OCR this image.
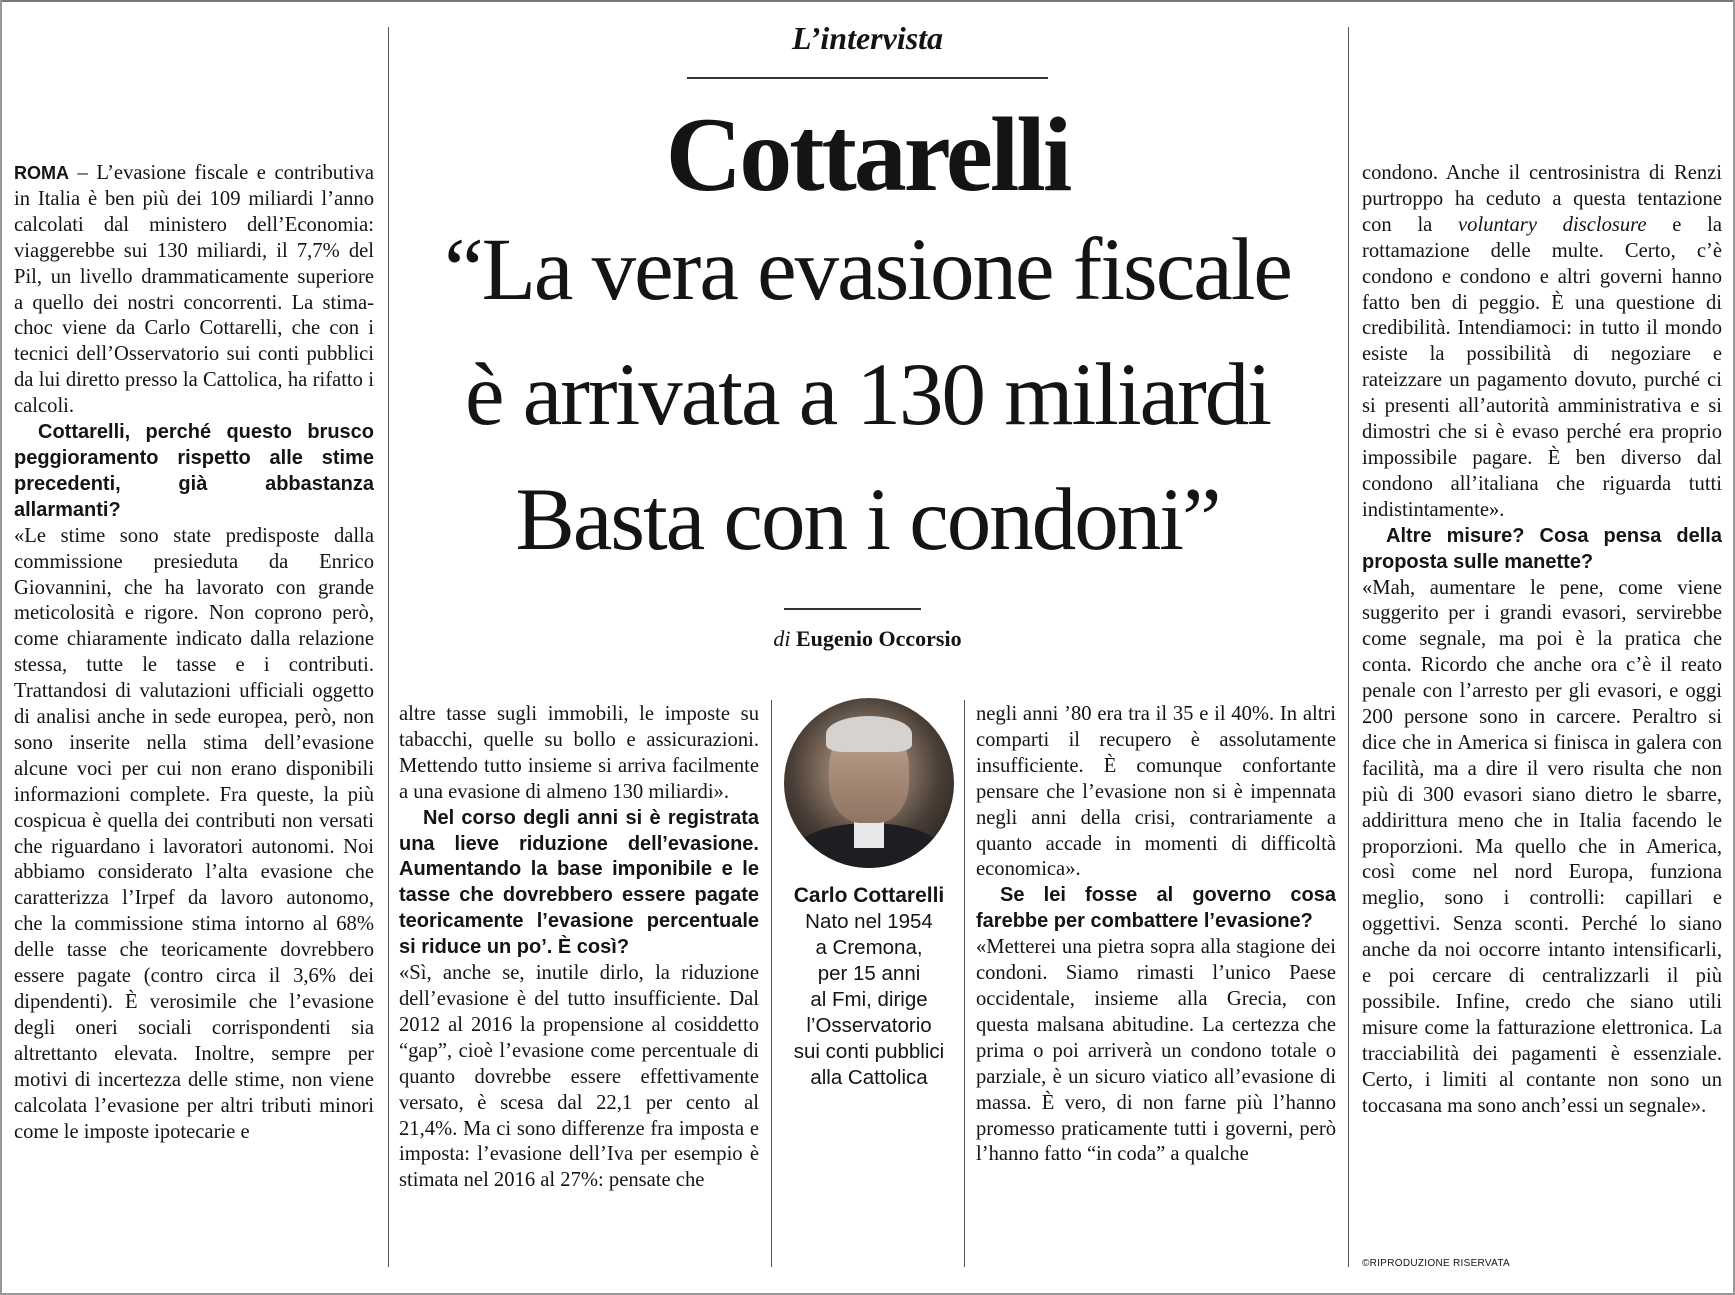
L’intervista
Cottarelli
“La vera evasione fiscale
è arrivata a 130 miliardi
Basta con i condoni”
di Eugenio Occorsio

ROMA – L’evasione fiscale e contributiva in Italia è ben più dei 109 miliardi l’anno calcolati dal ministero dell’Economia: viaggerebbe sui 130 miliardi, il 7,7% del Pil, un livello drammaticamente superiore a quello dei nostri concorrenti. La stima-choc viene da Carlo Cottarelli, che con i tecnici dell’Osservatorio sui conti pubblici da lui diretto presso la Cattolica, ha rifatto i calcoli.

Cottarelli, perché questo brusco peggioramento rispetto alle stime precedenti, già abbastanza allarmanti?

«Le stime sono state predisposte dalla commissione presieduta da Enrico Giovannini, che ha lavorato con grande meticolosità e rigore. Non coprono però, come chiaramente indicato dalla relazione stessa, tutte le tasse e i contributi. Trattandosi di valutazioni ufficiali oggetto di analisi anche in sede europea, però, non sono inserite nella stima dell’evasione alcune voci per cui non erano disponibili informazioni complete. Fra queste, la più cospicua è quella dei contributi non versati che riguardano i lavoratori autonomi. Noi abbiamo considerato l’alta evasione che caratterizza l’Irpef da lavoro autonomo, che la commissione stima intorno al 68% delle tasse che teoricamente dovrebbero essere pagate (contro circa il 3,6% dei dipendenti). È verosimile che l’evasione degli oneri sociali corrispondenti sia altrettanto elevata. Inoltre, sempre per motivi di incertezza delle stime, non viene calcolata l’evasione per altri tributi minori come le imposte ipotecarie e

altre tasse sugli immobili, le imposte su tabacchi, quelle su bollo e assicurazioni. Mettendo tutto insieme si arriva facilmente a una evasione di almeno 130 miliardi».

Nel corso degli anni si è registrata una lieve riduzione dell’evasione. Aumentando la base imponibile e le tasse che dovrebbero essere pagate teoricamente l’evasione percentuale si riduce un po’. È così?

«Sì, anche se, inutile dirlo, la riduzione dell’evasione è del tutto insufficiente. Dal 2012 al 2016 la propensione al cosiddetto “gap”, cioè l’evasione come percentuale di quanto dovrebbe essere effettivamente versato, è scesa dal 22,1 per cento al 21,4%. Ma ci sono differenze fra imposta e imposta: l’evasione dell’Iva per esempio è stimata nel 2016 al 27%: pensate che

Carlo Cottarelli
Nato nel 1954
a Cremona,
per 15 anni
al Fmi, dirige
l’Osservatorio
sui conti pubblici
alla Cattolica

negli anni ’80 era tra il 35 e il 40%. In altri comparti il recupero è assolutamente insufficiente. È comunque confortante pensare che l’evasione non si è impennata negli anni della crisi, contrariamente a quanto accade in momenti di difficoltà economica».

Se lei fosse al governo cosa farebbe per combattere l’evasione?

«Metterei una pietra sopra alla stagione dei condoni. Siamo rimasti l’unico Paese occidentale, insieme alla Grecia, con questa malsana abitudine. La certezza che prima o poi arriverà un condono totale o parziale, è un sicuro viatico all’evasione di massa. È vero, di non farne più l’hanno promesso praticamente tutti i governi, però l’hanno fatto “in coda” a qualche

condono. Anche il centrosinistra di Renzi purtroppo ha ceduto a questa tentazione con la voluntary disclosure e la rottamazione delle multe. Certo, c’è condono e condono e altri governi hanno fatto ben di peggio. È una questione di credibilità. Intendiamoci: in tutto il mondo esiste la possibilità di negoziare e rateizzare un pagamento dovuto, purché ci si presenti all’autorità amministrativa e si dimostri che si è evaso perché era proprio impossibile pagare. È ben diverso dal condono all’italiana che riguarda tutti indistintamente».

Altre misure? Cosa pensa della proposta sulle manette?

«Mah, aumentare le pene, come viene suggerito per i grandi evasori, servirebbe come segnale, ma poi è la pratica che conta. Ricordo che anche ora c’è il reato penale con l’arresto per gli evasori, e oggi 200 persone sono in carcere. Peraltro si dice che in America si finisca in galera con facilità, ma a dire il vero risulta che non più di 300 evasori siano dietro le sbarre, addirittura meno che in Italia facendo le proporzioni. Ma quello che in America, così come nel nord Europa, funziona meglio, sono i controlli: capillari e oggettivi. Senza sconti. Perché lo siano anche da noi occorre intanto intensificarli, e poi cercare di centralizzarli il più possibile. Infine, credo che siano utili misure come la fatturazione elettronica. La tracciabilità dei pagamenti è essenziale. Certo, i limiti al contante non sono un toccasana ma sono anch’essi un segnale».

©RIPRODUZIONE RISERVATA
